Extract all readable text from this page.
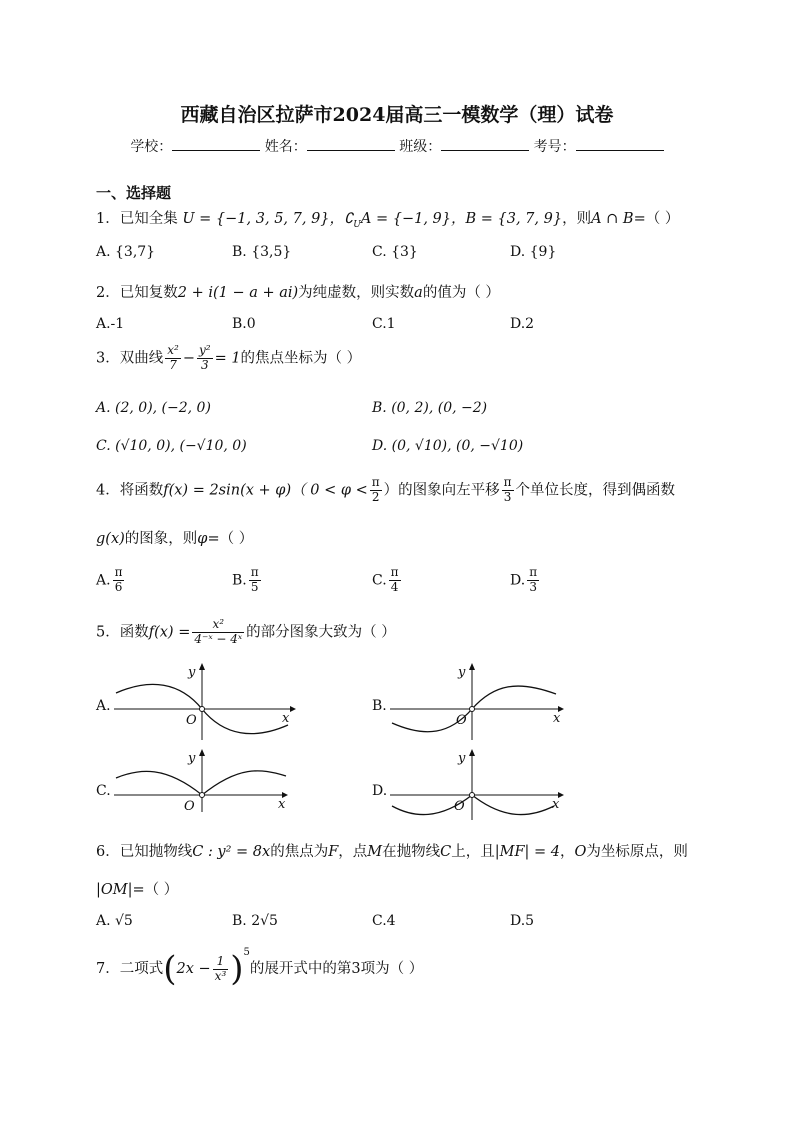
西藏自治区拉萨市2024届高三一模数学（理）试卷
学校：	姓名：	班级：	考号：
一、选择题
1．已知全集 U = {−1, 3, 5, 7, 9}，$∁_UA = \{-1$, 9}，B = {3, 7, 9}，则A ∩ B=（ ）
A. {3,7}	B. {3,5}	C. {3}	D. {9}
2．已知复数2 + i(1 − a + ai)为纯虚数，则实数a的值为（ ）
A.-1	B.0	C.1	D.2
3．双曲线 $\frac{\text{x²}}{7} - \frac{\text{y²}}{3} = 1$的焦点坐标为（ ）
A. (2, 0), (−2, 0)	B. (0, 2), (0, −2)
C. (√10, 0), (−√10, 0)	D. (0, √10), (0, −√10)
4．将函数f(x) = 2sin(x + φ)（ $0 < \varphi < \frac{\pi}{2}$ ）的图象向左平移 $\frac{\pi}{3}$ 个单位长度，得到偶函数
g(x)的图象，则φ=（ ）
A. $\frac{\pi}{6}$	B. $\frac{\pi}{5}$	C. $\frac{\pi}{4}$	D. $\frac{\pi}{3}$
5．函数$f(x) = \frac{\text{x²}}{\text{4⁻ˣ − 4ˣ}}$ 的部分图象大致为（ ）
A.
O	x
y
B.
O	x
y
C.
O	x
y
D.
O	x
y
6．已知抛物线C : y² = 8x的焦点为F，点M在抛物线C上，且|MF| = 4，O为坐标原点，则
|OM|=（ ）
A. √5	B. 2√5	C.4	D.5
7．二项式$(2x - \frac{1}{\text{x³}} )^5$的展开式中的第3项为（ ）
